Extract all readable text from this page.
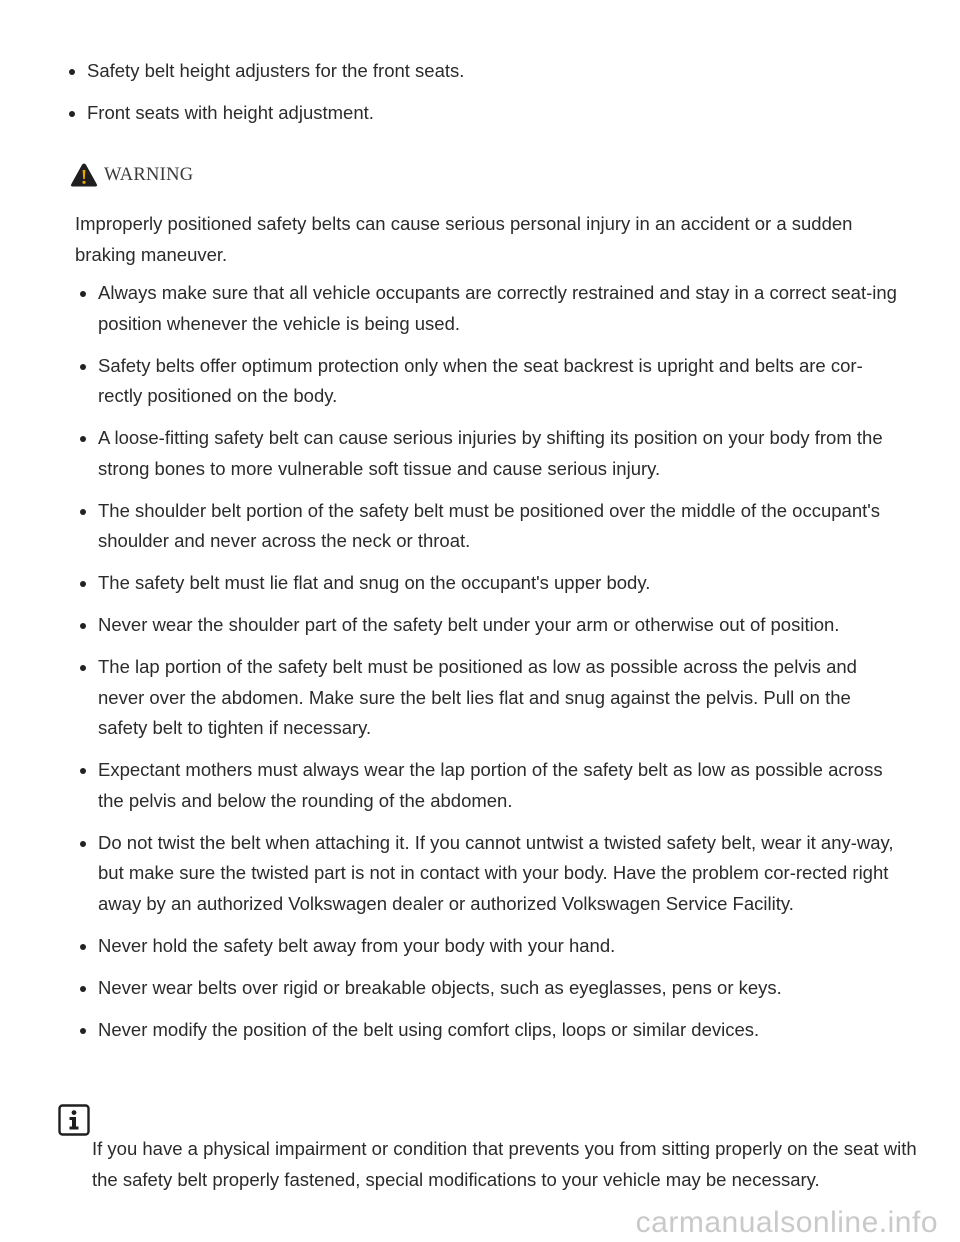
Safety belt height adjusters for the front seats.
Front seats with height adjustment.
WARNING

Improperly positioned safety belts can cause serious personal injury in an accident or a sudden braking maneuver.

Always make sure that all vehicle occupants are correctly restrained and stay in a correct seat-ing position whenever the vehicle is being used.
Safety belts offer optimum protection only when the seat backrest is upright and belts are cor-rectly positioned on the body.
A loose-fitting safety belt can cause serious injuries by shifting its position on your body from the strong bones to more vulnerable soft tissue and cause serious injury.
The shoulder belt portion of the safety belt must be positioned over the middle of the occupant's shoulder and never across the neck or throat.
The safety belt must lie flat and snug on the occupant's upper body.
Never wear the shoulder part of the safety belt under your arm or otherwise out of position.
The lap portion of the safety belt must be positioned as low as possible across the pelvis and never over the abdomen. Make sure the belt lies flat and snug against the pelvis. Pull on the safety belt to tighten if necessary.
Expectant mothers must always wear the lap portion of the safety belt as low as possible across the pelvis and below the rounding of the abdomen.
Do not twist the belt when attaching it. If you cannot untwist a twisted safety belt, wear it any-way, but make sure the twisted part is not in contact with your body. Have the problem cor-rected right away by an authorized Volkswagen dealer or authorized Volkswagen Service Facility.
Never hold the safety belt away from your body with your hand.
Never wear belts over rigid or breakable objects, such as eyeglasses, pens or keys.
Never modify the position of the belt using comfort clips, loops or similar devices.

If you have a physical impairment or condition that prevents you from sitting properly on the seat with the safety belt properly fastened, special modifications to your vehicle may be necessary.

carmanualsonline.info
